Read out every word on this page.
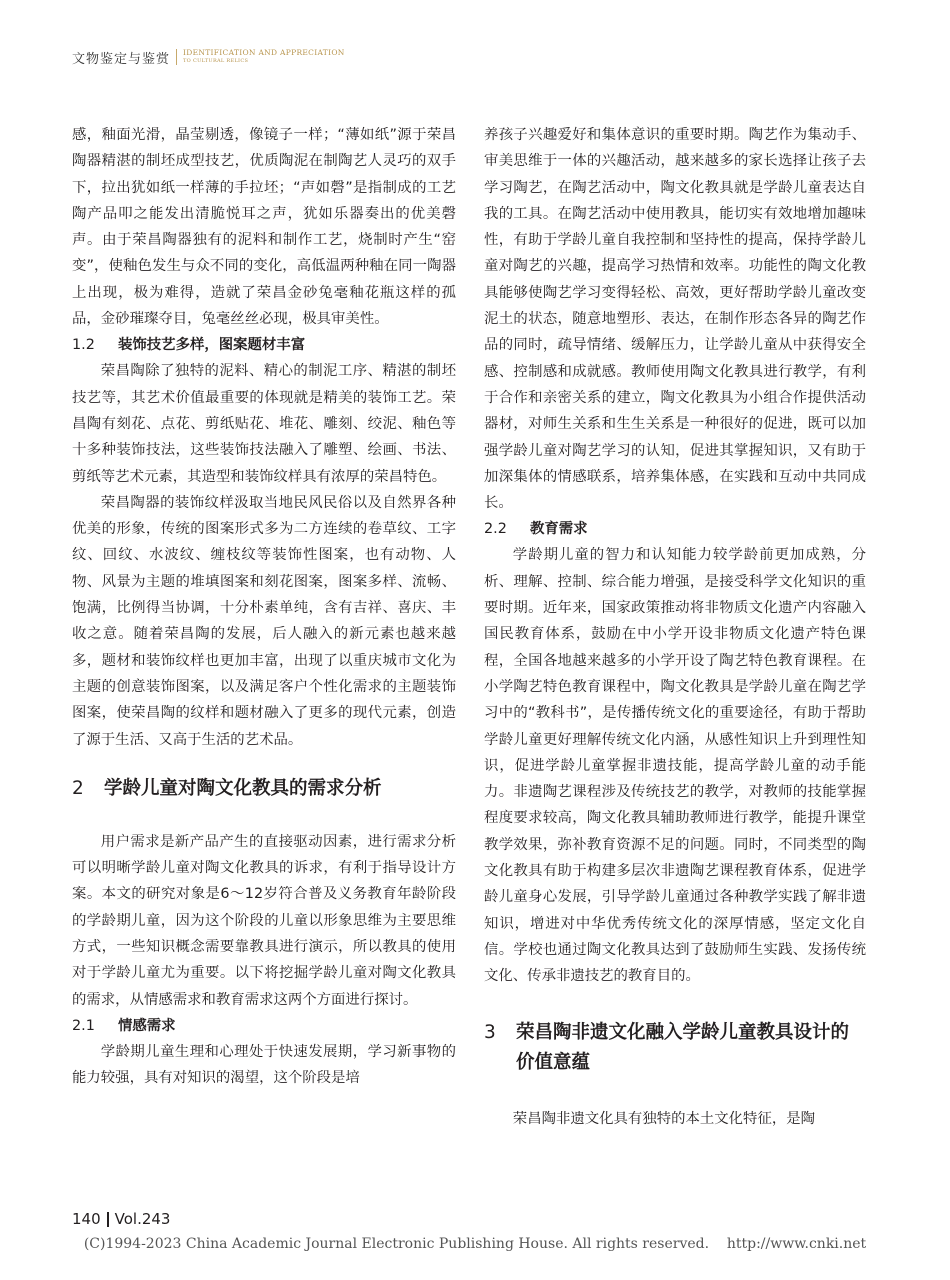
文物鉴定与鉴赏 IDENTIFICATION AND APPRECIATION
TO CULTURAL RELICS

感，釉面光滑，晶莹剔透，像镜子一样；“薄如纸”源于荣昌陶器精湛的制坯成型技艺，优质陶泥在制陶艺人灵巧的双手下，拉出犹如纸一样薄的手拉坯；“声如磬”是指制成的工艺陶产品叩之能发出清脆悦耳之声，犹如乐器奏出的优美磬声。由于荣昌陶器独有的泥料和制作工艺，烧制时产生“窑变”，使釉色发生与众不同的变化，高低温两种釉在同一陶器上出现，极为难得，造就了荣昌金砂兔毫釉花瓶这样的孤品，金砂璀璨夺目，兔毫丝丝必现，极具审美性。

1.2	装饰技艺多样，图案题材丰富

荣昌陶除了独特的泥料、精心的制泥工序、精湛的制坯技艺等，其艺术价值最重要的体现就是精美的装饰工艺。荣昌陶有刻花、点花、剪纸贴花、堆花、雕刻、绞泥、釉色等十多种装饰技法，这些装饰技法融入了雕塑、绘画、书法、剪纸等艺术元素，其造型和装饰纹样具有浓厚的荣昌特色。

荣昌陶器的装饰纹样汲取当地民风民俗以及自然界各种优美的形象，传统的图案形式多为二方连续的卷草纹、工字纹、回纹、水波纹、缠枝纹等装饰性图案，也有动物、人物、风景为主题的堆填图案和刻花图案，图案多样、流畅、饱满，比例得当协调，十分朴素单纯，含有吉祥、喜庆、丰收之意。随着荣昌陶的发展，后人融入的新元素也越来越多，题材和装饰纹样也更加丰富，出现了以重庆城市文化为主题的创意装饰图案，以及满足客户个性化需求的主题装饰图案，使荣昌陶的纹样和题材融入了更多的现代元素，创造了源于生活、又高于生活的艺术品。

2	学龄儿童对陶文化教具的需求分析

用户需求是新产品产生的直接驱动因素，进行需求分析可以明晰学龄儿童对陶文化教具的诉求，有利于指导设计方案。本文的研究对象是6～12岁符合普及义务教育年龄阶段的学龄期儿童，因为这个阶段的儿童以形象思维为主要思维方式，一些知识概念需要靠教具进行演示，所以教具的使用对于学龄儿童尤为重要。以下将挖掘学龄儿童对陶文化教具的需求，从情感需求和教育需求这两个方面进行探讨。

2.1	情感需求

学龄期儿童生理和心理处于快速发展期，学习新事物的能力较强，具有对知识的渴望，这个阶段是培

养孩子兴趣爱好和集体意识的重要时期。陶艺作为集动手、审美思维于一体的兴趣活动，越来越多的家长选择让孩子去学习陶艺，在陶艺活动中，陶文化教具就是学龄儿童表达自我的工具。在陶艺活动中使用教具，能切实有效地增加趣味性，有助于学龄儿童自我控制和坚持性的提高，保持学龄儿童对陶艺的兴趣，提高学习热情和效率。功能性的陶文化教具能够使陶艺学习变得轻松、高效，更好帮助学龄儿童改变泥土的状态，随意地塑形、表达，在制作形态各异的陶艺作品的同时，疏导情绪、缓解压力，让学龄儿童从中获得安全感、控制感和成就感。教师使用陶文化教具进行教学，有利于合作和亲密关系的建立，陶文化教具为小组合作提供活动器材，对师生关系和生生关系是一种很好的促进，既可以加强学龄儿童对陶艺学习的认知，促进其掌握知识，又有助于加深集体的情感联系，培养集体感，在实践和互动中共同成长。

2.2	教育需求

学龄期儿童的智力和认知能力较学龄前更加成熟，分析、理解、控制、综合能力增强，是接受科学文化知识的重要时期。近年来，国家政策推动将非物质文化遗产内容融入国民教育体系，鼓励在中小学开设非物质文化遗产特色课程，全国各地越来越多的小学开设了陶艺特色教育课程。在小学陶艺特色教育课程中，陶文化教具是学龄儿童在陶艺学习中的“教科书”，是传播传统文化的重要途径，有助于帮助学龄儿童更好理解传统文化内涵，从感性知识上升到理性知识，促进学龄儿童掌握非遗技能，提高学龄儿童的动手能力。非遗陶艺课程涉及传统技艺的教学，对教师的技能掌握程度要求较高，陶文化教具辅助教师进行教学，能提升课堂教学效果，弥补教育资源不足的问题。同时，不同类型的陶文化教具有助于构建多层次非遗陶艺课程教育体系，促进学龄儿童身心发展，引导学龄儿童通过各种教学实践了解非遗知识，增进对中华优秀传统文化的深厚情感，坚定文化自信。学校也通过陶文化教具达到了鼓励师生实践、发扬传统文化、传承非遗技艺的教育目的。

3	荣昌陶非遗文化融入学龄儿童教具设计的价值意蕴

荣昌陶非遗文化具有独特的本土文化特征，是陶

140 Vol.243
(C)1994-2023 China Academic Journal Electronic Publishing House. All rights reserved.    http://www.cnki.net
